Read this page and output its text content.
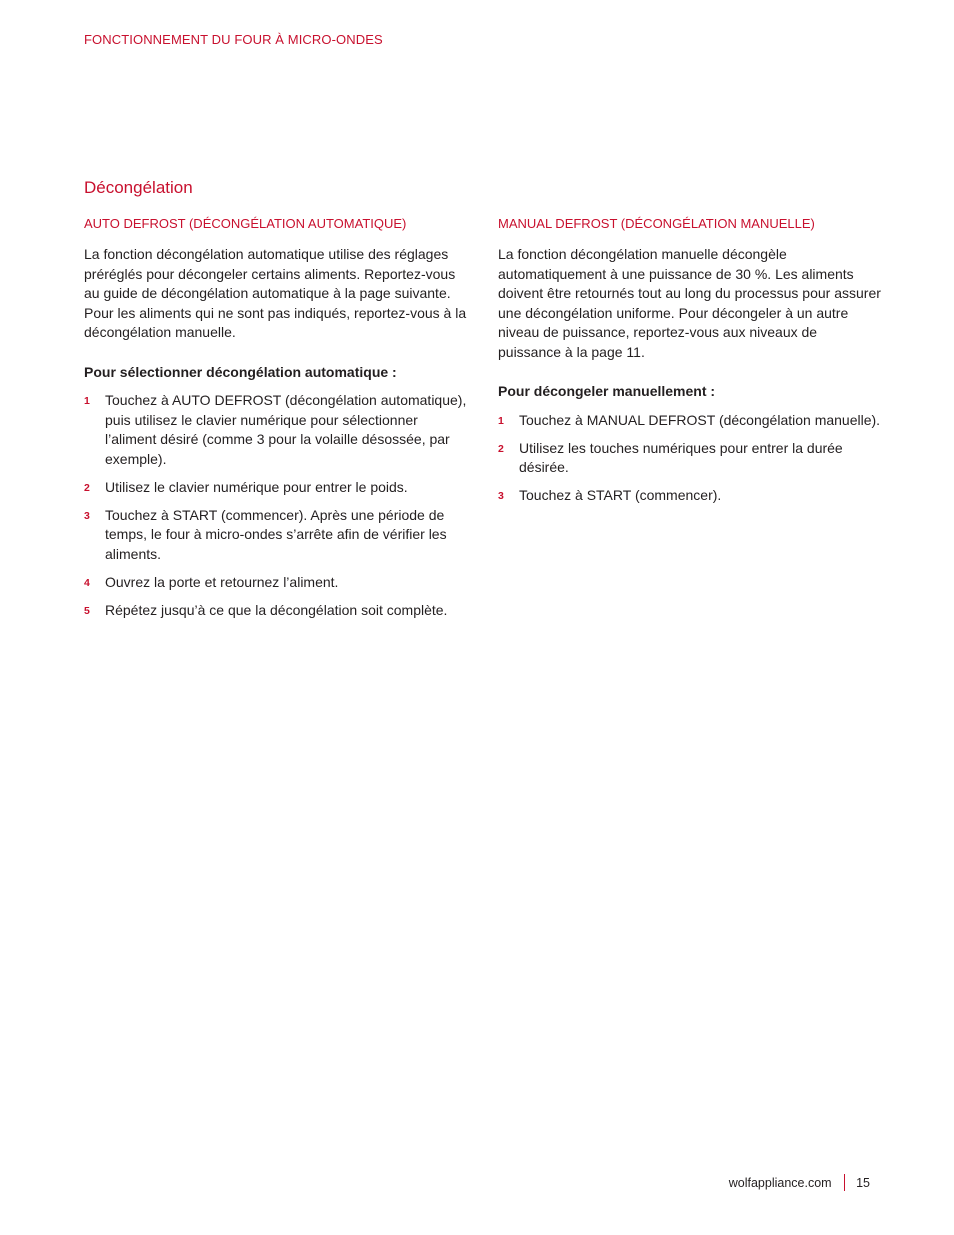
FONCTIONNEMENT DU FOUR À MICRO-ONDES
Décongélation
AUTO DEFROST (DÉCONGÉLATION AUTOMATIQUE)

La fonction décongélation automatique utilise des réglages préréglés pour décongeler certains aliments. Reportez-vous au guide de décongélation automatique à la page suivante. Pour les aliments qui ne sont pas indiqués, reportez-vous à la décongélation manuelle.

Pour sélectionner décongélation automatique :
1 Touchez à AUTO DEFROST (décongélation automatique), puis utilisez le clavier numérique pour sélectionner l’aliment désiré (comme 3 pour la volaille désossée, par exemple).
2 Utilisez le clavier numérique pour entrer le poids.
3 Touchez à START (commencer). Après une période de temps, le four à micro-ondes s’arrête afin de vérifier les aliments.
4 Ouvrez la porte et retournez l’aliment.
5 Répétez jusqu’à ce que la décongélation soit complète.
MANUAL DEFROST (DÉCONGÉLATION MANUELLE)

La fonction décongélation manuelle décongèle automatiquement à une puissance de 30 %. Les aliments doivent être retournés tout au long du processus pour assurer une décongélation uniforme. Pour décongeler à un autre niveau de puissance, reportez-vous aux niveaux de puissance à la page 11.

Pour décongeler manuellement :
1 Touchez à MANUAL DEFROST (décongélation manuelle).
2 Utilisez les touches numériques pour entrer la durée désirée.
3 Touchez à START (commencer).
wolfappliance.com 15
